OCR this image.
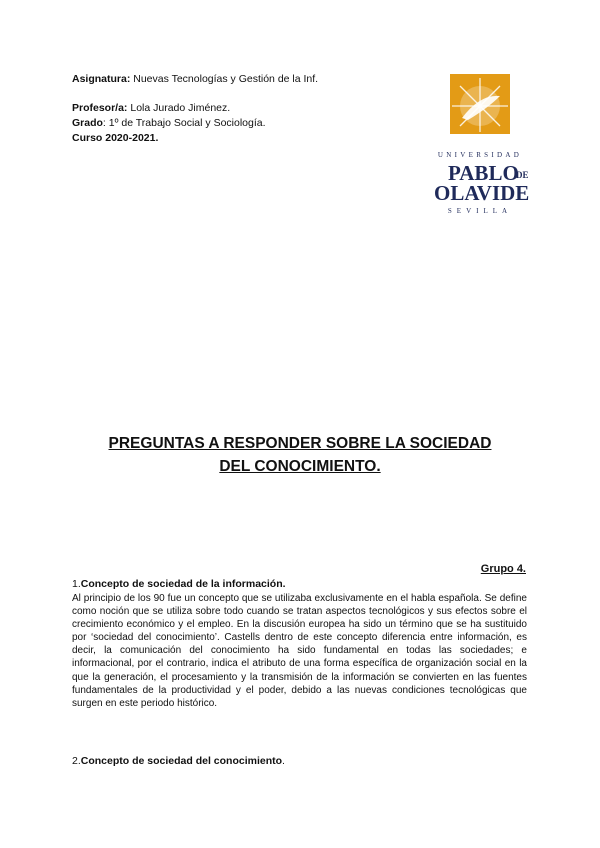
Asignatura: Nuevas Tecnologías y Gestión de la Inf.
Profesor/a: Lola Jurado Jiménez.
Grado: 1º de Trabajo Social y Sociología.
Curso 2020-2021.
UNIVERSIDAD
PABLO
DE
OLAVIDE
SEVILLA
PREGUNTAS A RESPONDER SOBRE LA SOCIEDAD
DEL CONOCIMIENTO.
Grupo 4.
1.Concepto de sociedad de la información.
Al principio de los 90 fue un concepto que se utilizaba exclusivamente en el habla española. Se define como noción que se utiliza sobre todo cuando se tratan aspectos tecnológicos y sus efectos sobre el crecimiento económico y el empleo. En la discusión europea ha sido un término que se ha sustituido por ‘sociedad del conocimiento’. Castells dentro de este concepto diferencia entre información, es decir, la comunicación del conocimiento ha sido fundamental en todas las sociedades; e informacional, por el contrario, indica el atributo de una forma específica de organización social en la que la generación, el procesamiento y la transmisión de la información se convierten en las fuentes fundamentales de la productividad y el poder, debido a las nuevas condiciones tecnológicas que surgen en este periodo histórico.
2.Concepto de sociedad del conocimiento.
